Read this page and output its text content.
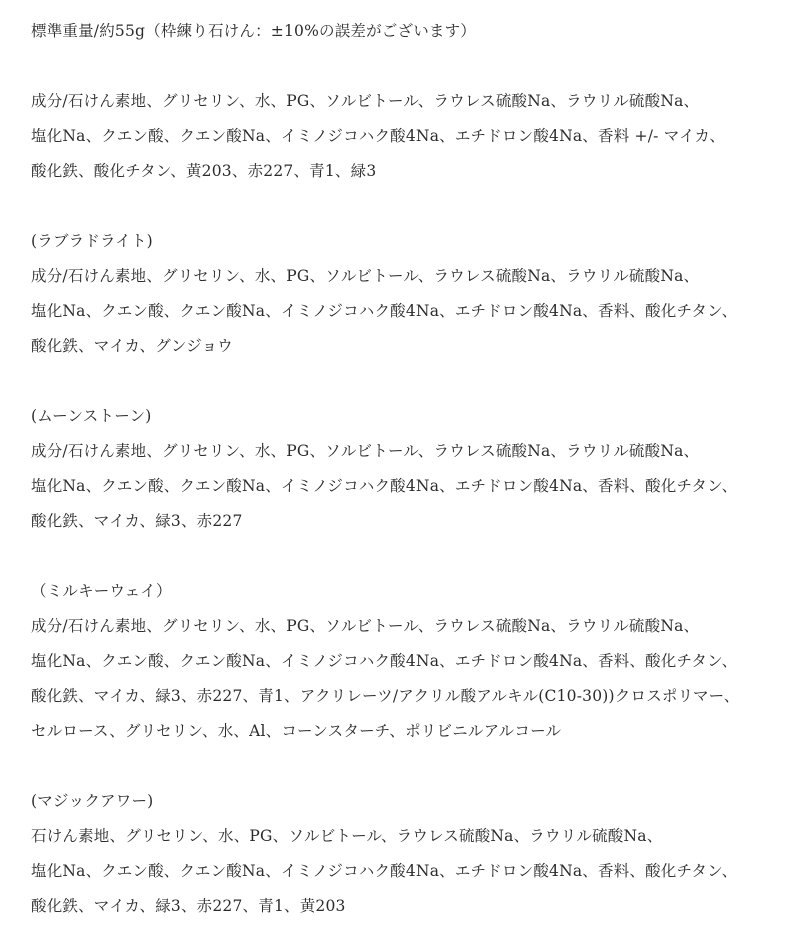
標準重量/約55g（枠練り石けん：±10%の誤差がございます）
成分/石けん素地、グリセリン、水、PG、ソルビトール、ラウレス硫酸Na、ラウリル硫酸Na、
塩化Na、クエン酸、クエン酸Na、イミノジコハク酸4Na、エチドロン酸4Na、香料 +/- マイカ、
酸化鉄、酸化チタン、黄203、赤227、青1、緑3
(ラブラドライト)
成分/石けん素地、グリセリン、水、PG、ソルビトール、ラウレス硫酸Na、ラウリル硫酸Na、
塩化Na、クエン酸、クエン酸Na、イミノジコハク酸4Na、エチドロン酸4Na、香料、酸化チタン、
酸化鉄、マイカ、グンジョウ
(ムーンストーン)
成分/石けん素地、グリセリン、水、PG、ソルビトール、ラウレス硫酸Na、ラウリル硫酸Na、
塩化Na、クエン酸、クエン酸Na、イミノジコハク酸4Na、エチドロン酸4Na、香料、酸化チタン、
酸化鉄、マイカ、緑3、赤227
（ミルキーウェイ）
成分/石けん素地、グリセリン、水、PG、ソルビトール、ラウレス硫酸Na、ラウリル硫酸Na、
塩化Na、クエン酸、クエン酸Na、イミノジコハク酸4Na、エチドロン酸4Na、香料、酸化チタン、
酸化鉄、マイカ、緑3、赤227、青1、アクリレーツ/アクリル酸アルキル(C10-30))クロスポリマー、
セルロース、グリセリン、水、Al、コーンスターチ、ポリビニルアルコール
(マジックアワー)
石けん素地、グリセリン、水、PG、ソルビトール、ラウレス硫酸Na、ラウリル硫酸Na、
塩化Na、クエン酸、クエン酸Na、イミノジコハク酸4Na、エチドロン酸4Na、香料、酸化チタン、
酸化鉄、マイカ、緑3、赤227、青1、黄203
